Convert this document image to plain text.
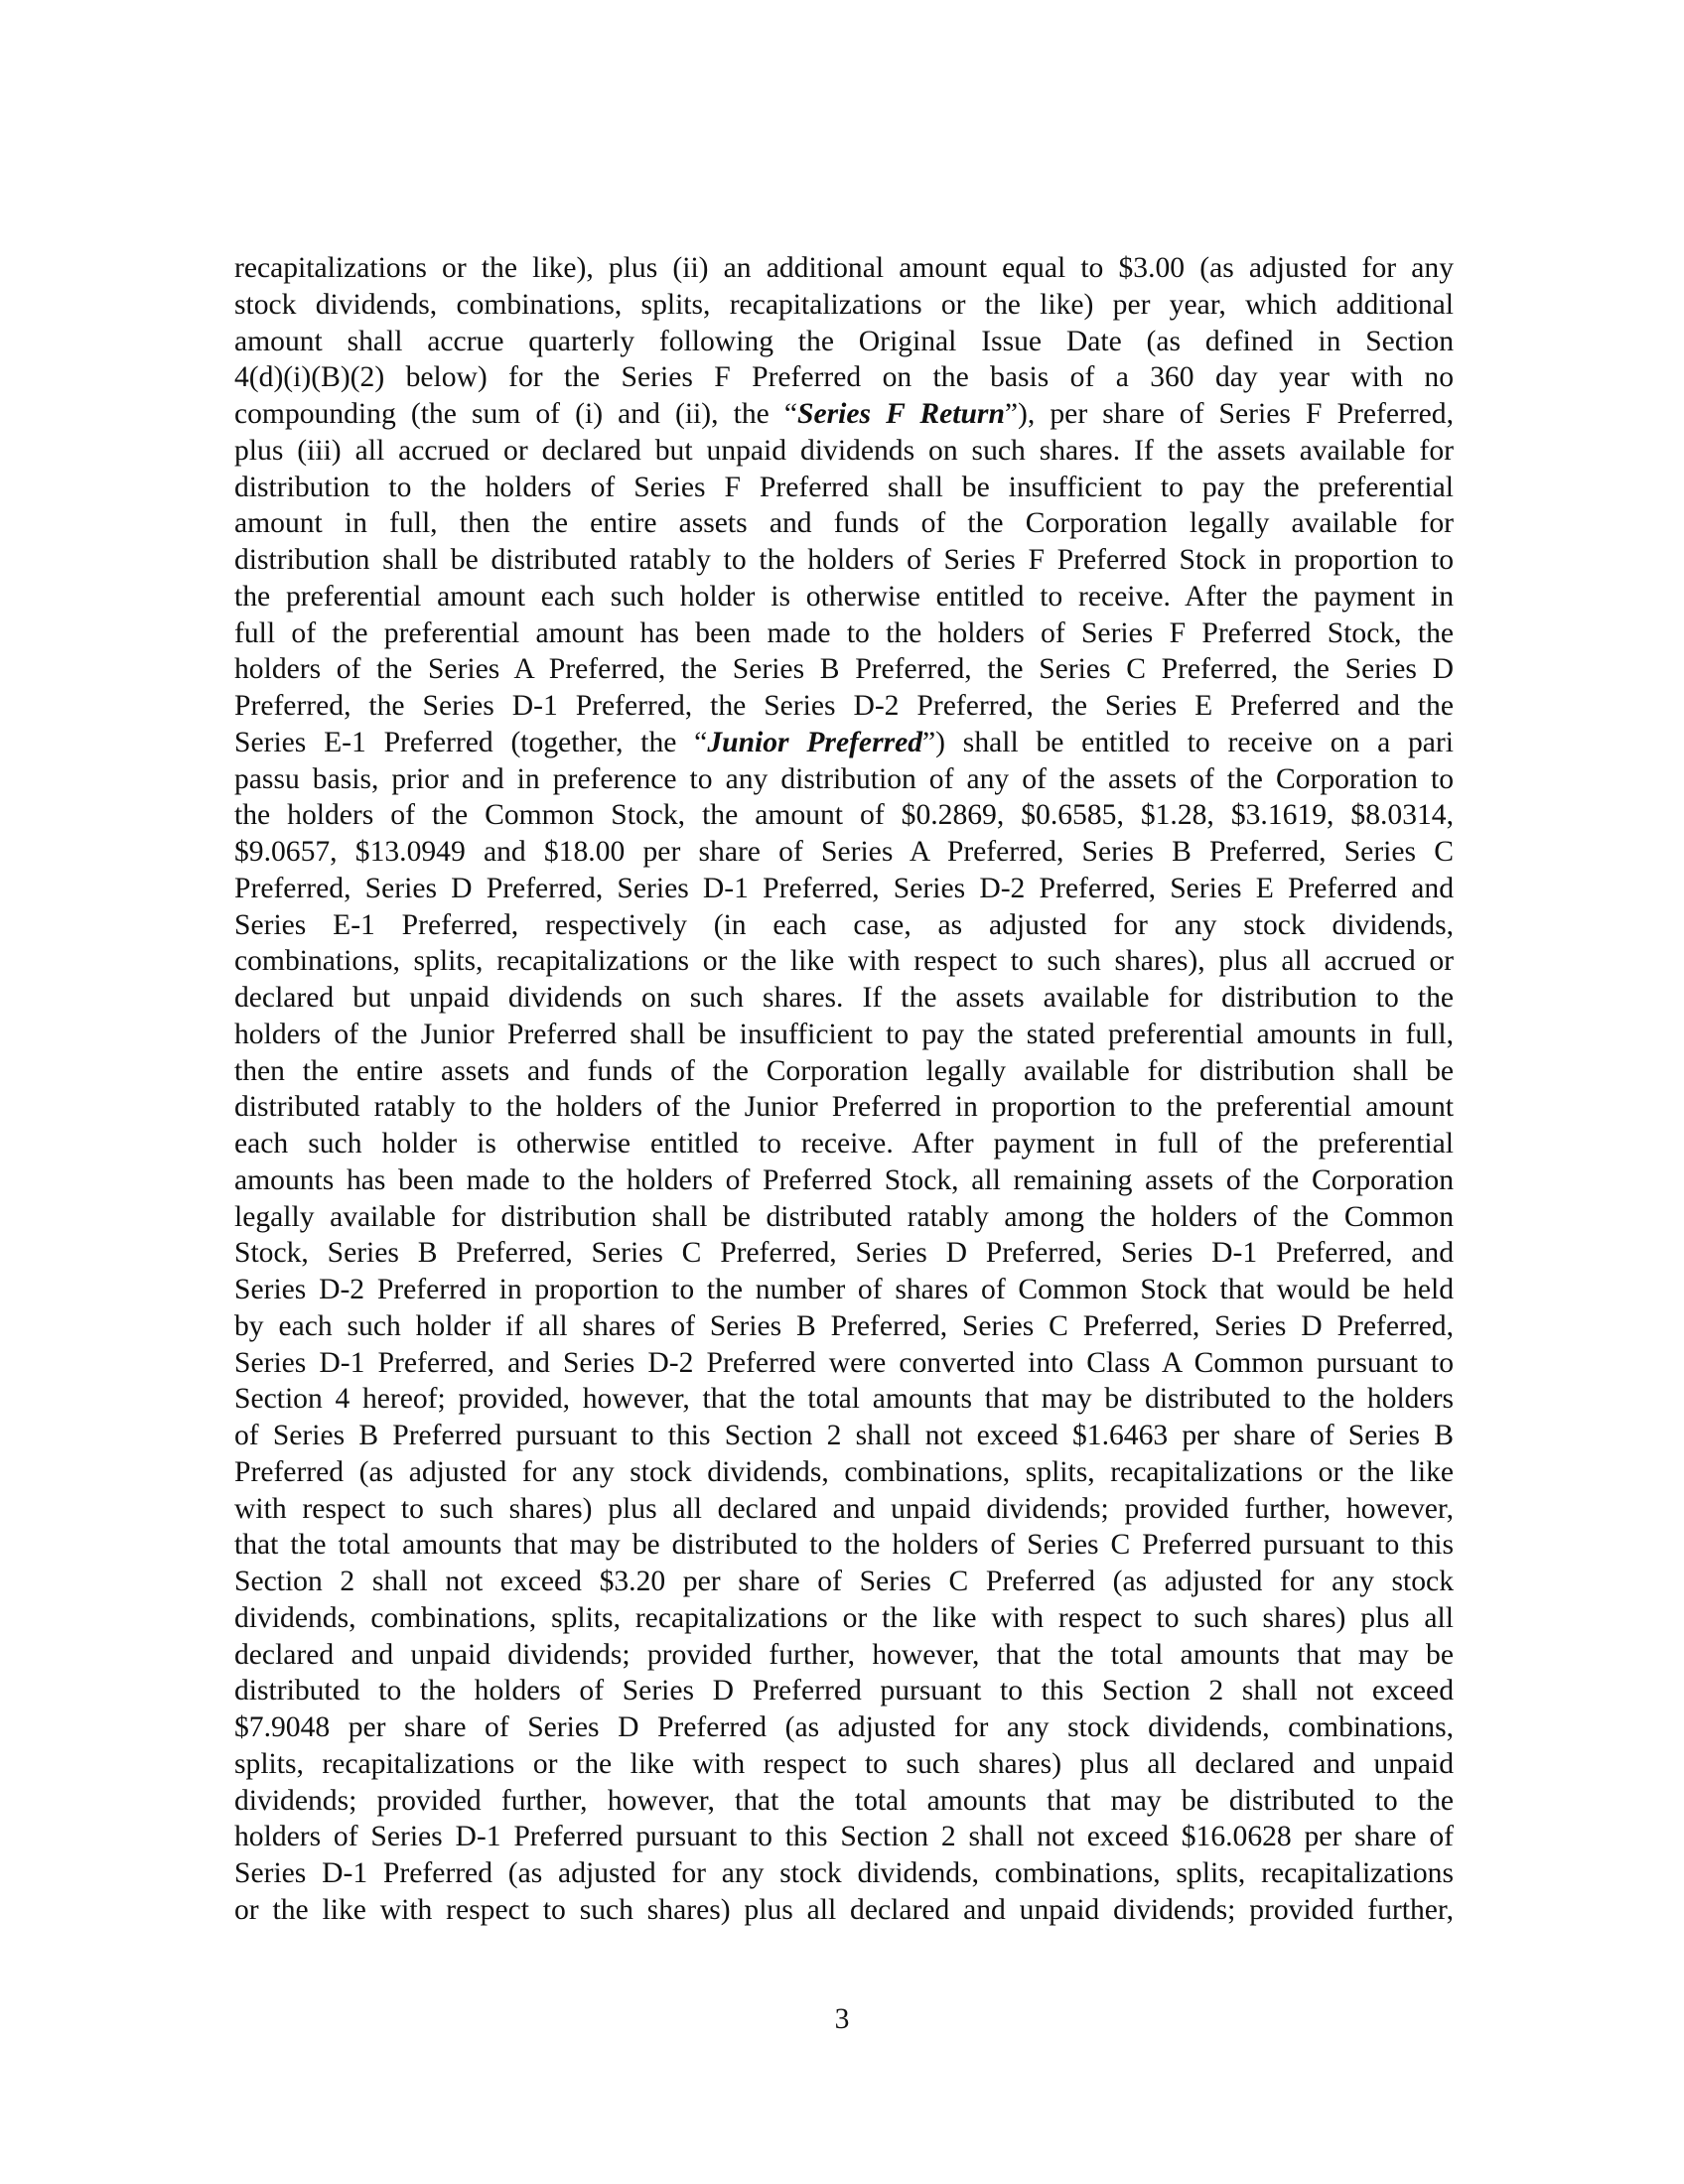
recapitalizations or the like), plus (ii) an additional amount equal to $3.00 (as adjusted for any
stock dividends, combinations, splits, recapitalizations or the like) per year, which additional
amount shall accrue quarterly following the Original Issue Date (as defined in Section
4(d)(i)(B)(2) below) for the Series F Preferred on the basis of a 360 day year with no
compounding (the sum of (i) and (ii), the “Series F Return”), per share of Series F Preferred,
plus (iii) all accrued or declared but unpaid dividends on such shares. If the assets available for
distribution to the holders of Series F Preferred shall be insufficient to pay the preferential
amount in full, then the entire assets and funds of the Corporation legally available for
distribution shall be distributed ratably to the holders of Series F Preferred Stock in proportion to
the preferential amount each such holder is otherwise entitled to receive. After the payment in
full of the preferential amount has been made to the holders of Series F Preferred Stock, the
holders of the Series A Preferred, the Series B Preferred, the Series C Preferred, the Series D
Preferred, the Series D-1 Preferred, the Series D-2 Preferred, the Series E Preferred and the
Series E-1 Preferred (together, the “Junior Preferred”) shall be entitled to receive on a pari
passu basis, prior and in preference to any distribution of any of the assets of the Corporation to
the holders of the Common Stock, the amount of $0.2869, $0.6585, $1.28, $3.1619, $8.0314,
$9.0657, $13.0949 and $18.00 per share of Series A Preferred, Series B Preferred, Series C
Preferred, Series D Preferred, Series D-1 Preferred, Series D-2 Preferred, Series E Preferred and
Series E-1 Preferred, respectively (in each case, as adjusted for any stock dividends,
combinations, splits, recapitalizations or the like with respect to such shares), plus all accrued or
declared but unpaid dividends on such shares. If the assets available for distribution to the
holders of the Junior Preferred shall be insufficient to pay the stated preferential amounts in full,
then the entire assets and funds of the Corporation legally available for distribution shall be
distributed ratably to the holders of the Junior Preferred in proportion to the preferential amount
each such holder is otherwise entitled to receive. After payment in full of the preferential
amounts has been made to the holders of Preferred Stock, all remaining assets of the Corporation
legally available for distribution shall be distributed ratably among the holders of the Common
Stock, Series B Preferred, Series C Preferred, Series D Preferred, Series D-1 Preferred, and
Series D-2 Preferred in proportion to the number of shares of Common Stock that would be held
by each such holder if all shares of Series B Preferred, Series C Preferred, Series D Preferred,
Series D-1 Preferred, and Series D-2 Preferred were converted into Class A Common pursuant to
Section 4 hereof; provided, however, that the total amounts that may be distributed to the holders
of Series B Preferred pursuant to this Section 2 shall not exceed $1.6463 per share of Series B
Preferred (as adjusted for any stock dividends, combinations, splits, recapitalizations or the like
with respect to such shares) plus all declared and unpaid dividends; provided further, however,
that the total amounts that may be distributed to the holders of Series C Preferred pursuant to this
Section 2 shall not exceed $3.20 per share of Series C Preferred (as adjusted for any stock
dividends, combinations, splits, recapitalizations or the like with respect to such shares) plus all
declared and unpaid dividends; provided further, however, that the total amounts that may be
distributed to the holders of Series D Preferred pursuant to this Section 2 shall not exceed
$7.9048 per share of Series D Preferred (as adjusted for any stock dividends, combinations,
splits, recapitalizations or the like with respect to such shares) plus all declared and unpaid
dividends; provided further, however, that the total amounts that may be distributed to the
holders of Series D-1 Preferred pursuant to this Section 2 shall not exceed $16.0628 per share of
Series D-1 Preferred (as adjusted for any stock dividends, combinations, splits, recapitalizations
or the like with respect to such shares) plus all declared and unpaid dividends; provided further,
3
